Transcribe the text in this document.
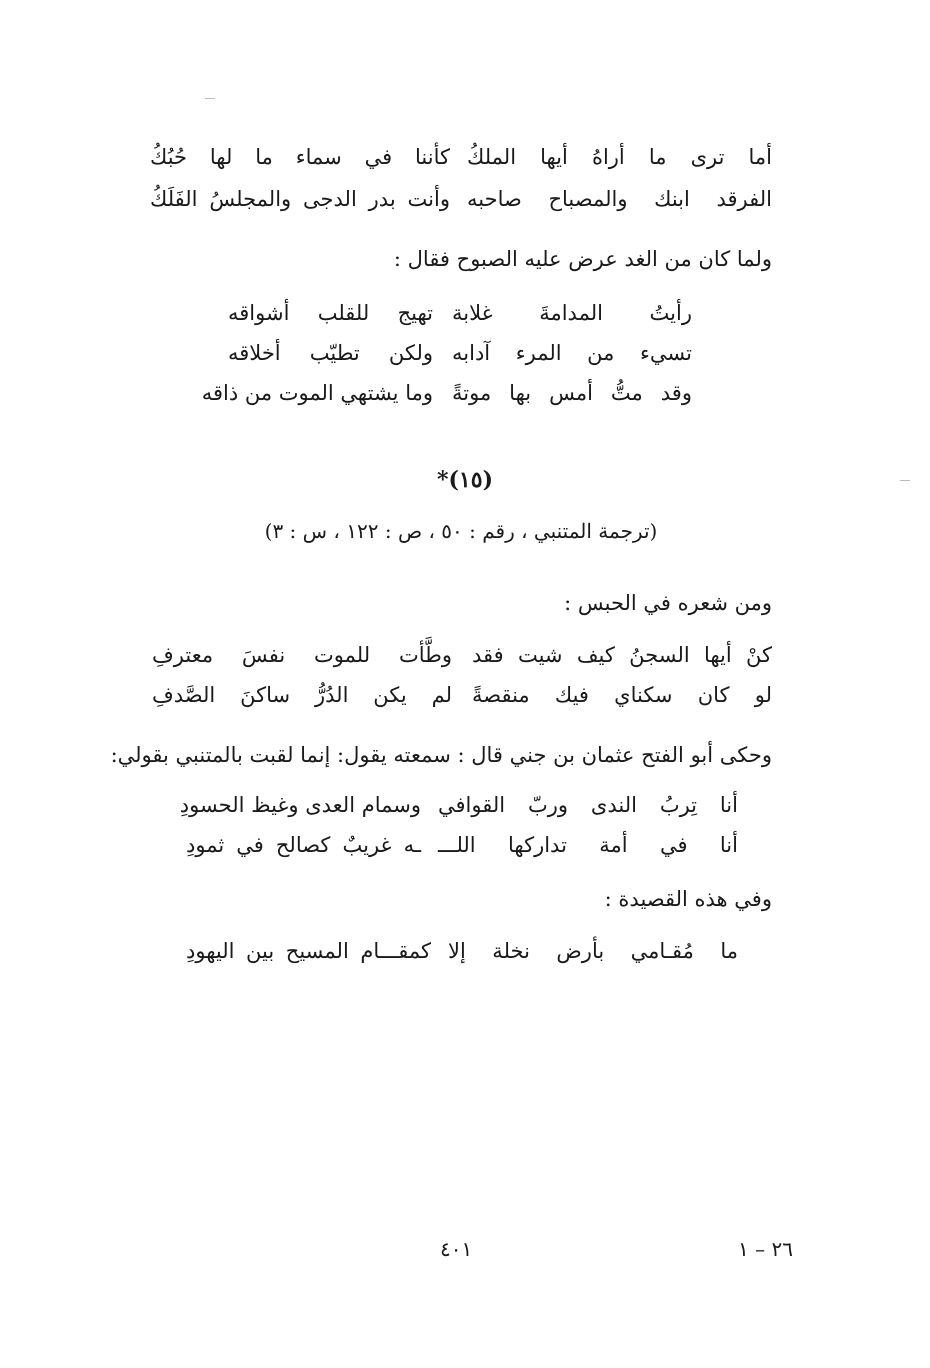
أما ترى ما أراهُ أيها الملكُ
كأننا في سماء ما لها حُبُكُ
الفرقد ابنك والمصباح صاحبه
وأنت بدر الدجى والمجلسُ الفَلَكُ
ولما كان من الغد عرض عليه الصبوح فقال :
رأيتُ المدامةَ غلابة
تهيج للقلب أشواقه
تسيء من المرء آدابه
ولكن تطيّب أخلاقه
وقد متُّ أمس بها موتةً
وما يشتهي الموت من ذاقه
(١٥)*
(ترجمة المتنبي ، رقم : ٥٠ ، ص : ١٢٢ ، س : ٣)
ومن شعره في الحبس :
كنْ أيها السجنُ كيف شيت فقد
وطَّأت للموت نفسَ معترفِ
لو كان سكناي فيك منقصةً
لم يكن الدُرُّ ساكنَ الصَّدفِ
وحكى أبو الفتح عثمان بن جني قال : سمعته يقول: إنما لقبت بالمتنبي بقولي:
أنا تِربُ الندى وربّ القوافي
وسمام العدى وغيظ الحسودِ
أنا في أمة تداركها اللـــ
ـه غريبٌ كصالح في ثمودِ
وفي هذه القصيدة :
ما مُقـامي بأرض نخلة إلا
كمقـــام المسيح بين اليهودِ
٤٠١	٢٦ – ١
